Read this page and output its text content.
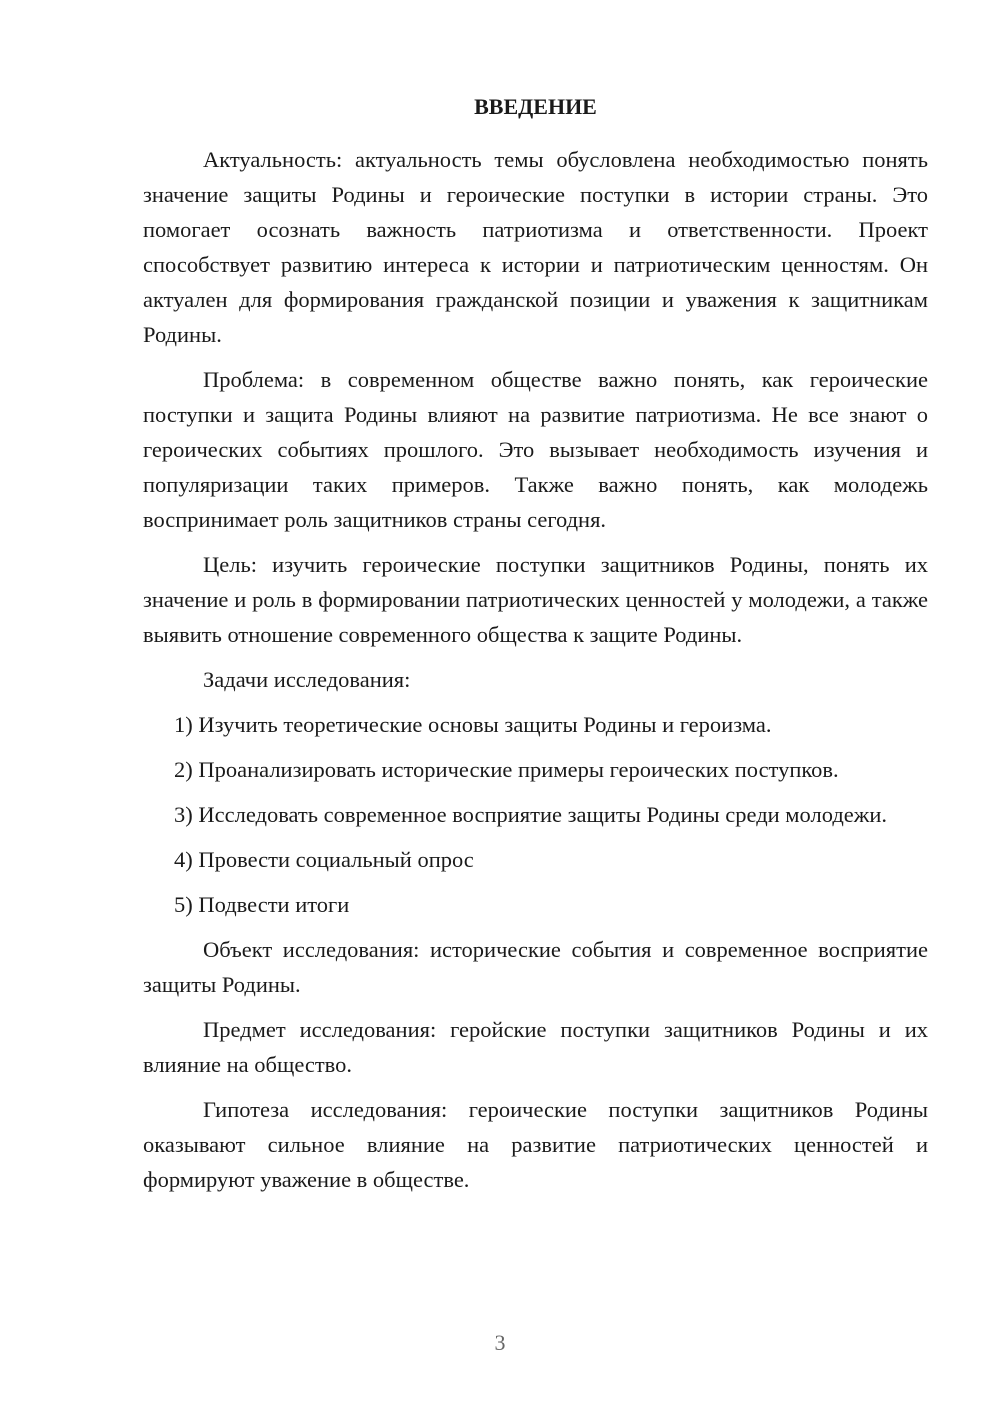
ВВЕДЕНИЕ
Актуальность: актуальность темы обусловлена необходимостью понять значение защиты Родины и героические поступки в истории страны. Это помогает осознать важность патриотизма и ответственности. Проект способствует развитию интереса к истории и патриотическим ценностям. Он актуален для формирования гражданской позиции и уважения к защитникам Родины.
Проблема: в современном обществе важно понять, как героические поступки и защита Родины влияют на развитие патриотизма. Не все знают о героических событиях прошлого. Это вызывает необходимость изучения и популяризации таких примеров. Также важно понять, как молодежь воспринимает роль защитников страны сегодня.
Цель: изучить героические поступки защитников Родины, понять их значение и роль в формировании патриотических ценностей у молодежи, а также выявить отношение современного общества к защите Родины.
Задачи исследования:
1) Изучить теоретические основы защиты Родины и героизма.
2) Проанализировать исторические примеры героических поступков.
3) Исследовать современное восприятие защиты Родины среди молодежи.
4) Провести социальный опрос
5) Подвести итоги
Объект исследования: исторические события и современное восприятие защиты Родины.
Предмет исследования: геройские поступки защитников Родины и их влияние на общество.
Гипотеза исследования: героические поступки защитников Родины оказывают сильное влияние на развитие патриотических ценностей и формируют уважение в обществе.
3
